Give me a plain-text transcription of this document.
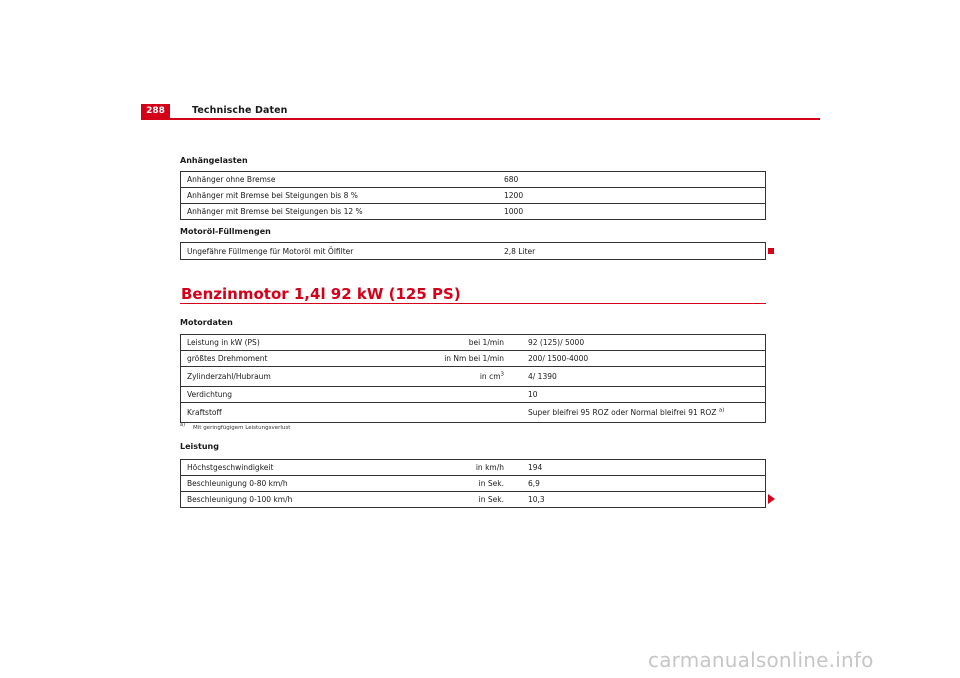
288	Technische Daten
Anhängelasten
Anhänger ohne Bremse	680
Anhänger mit Bremse bei Steigungen bis 8 %	1200
Anhänger mit Bremse bei Steigungen bis 12 %	1000
Motoröl-Füllmengen
Ungefähre Füllmenge für Motoröl mit Ölfilter	2,8 Liter
Benzinmotor 1,4l 92 kW (125 PS)
Motordaten
Leistung in kW (PS)	bei 1/min	92 (125)/ 5000
größtes Drehmoment	in Nm bei 1/min	200/ 1500-4000
Zylinderzahl/Hubraum	in $cm^3$	4/ 1390
Verdichtung		10
Kraftstoff		Super bleifrei 95 ROZ oder Normal bleifrei 91 ROZ $^{a)}$
$^{a)}$ Mit geringfügigem Leistungsverlust
Leistung
Höchstgeschwindigkeit	in km/h	194
Beschleunigung 0-80 km/h	in Sek.	6,9
Beschleunigung 0-100 km/h	in Sek.	10,3
carmanualsonline.info
